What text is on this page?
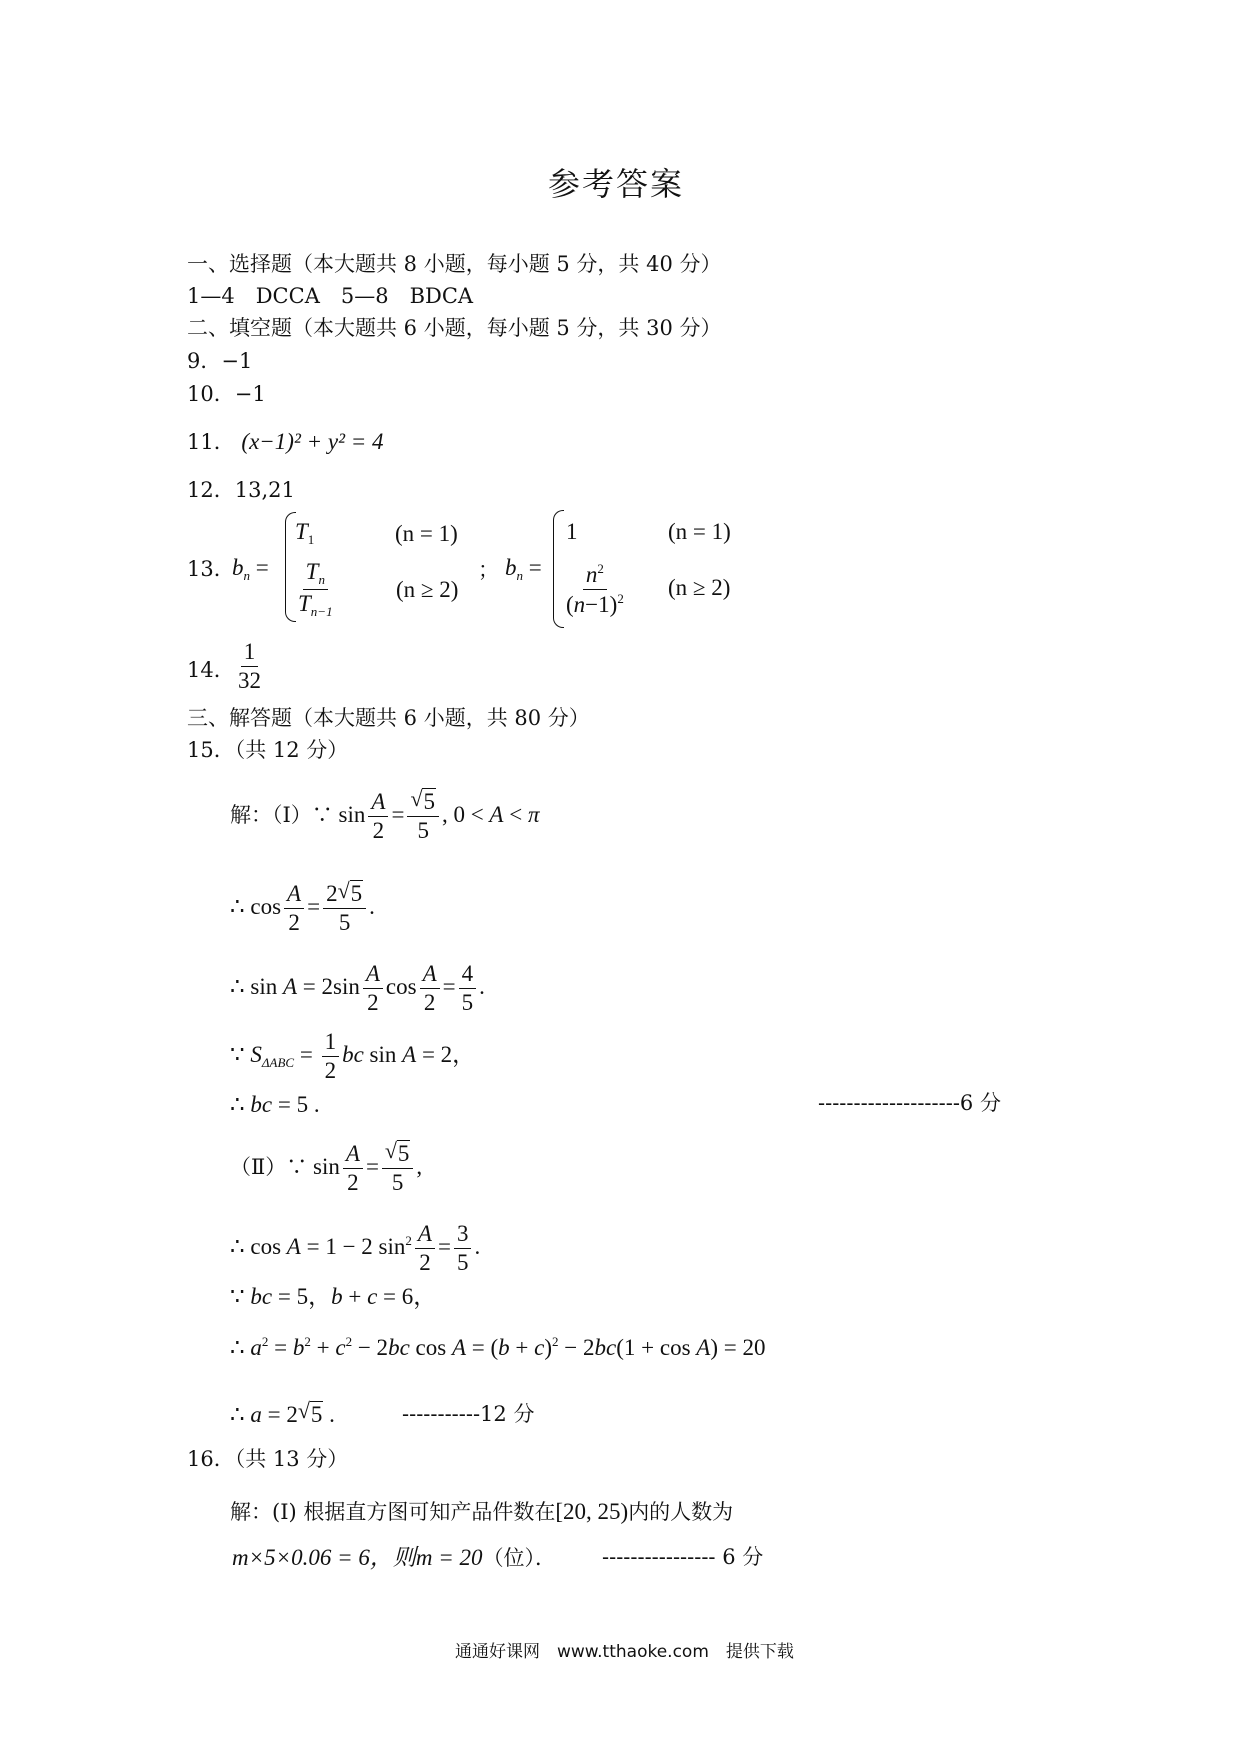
参考答案
一、选择题（本大题共 8 小题，每小题 5 分，共 40 分）
1—4　DCCA　5—8　BDCA
二、填空题（本大题共 6 小题，每小题 5 分，共 30 分）
9．−1
10．−1
11． (x−1)² + y² = 4
12．13,21
13．
$b_n$ =
$T_1$	(n = 1)
$\frac{T_n}{T_{n-1}}$	(n ≥ 2)
； $b_n$ =
1	(n = 1)
$\frac{n^2}{(n-1)^2} (n \ge 2)$
14． $\frac{1}{32}$
三、解答题（本大题共 6 小题，共 80 分）
15．（共 12 分）
解：（Ⅰ）∵ $\sin \frac{A}{2}$ = √ $\frac{5}{5}$ , 0 < A < π
∴ $\cos \frac{A}{2} = \frac{2 √ 5}{5}$ .
∴ $\sin A = 2\sin \frac{A}{2}$ $\cos \frac{A}{2} = \frac{4}{5}$ .
∵ $S_{\Delta ABC} = \frac{1}{2}$ bc sin A = 2，
∴ bc = 5 .	--------------------6 分
（Ⅱ）∵ $\sin \frac{A}{2}$ = √ $\frac{5}{5}$ ,
∴ cos A = 1 − 2 $\sin^2 \frac{A}{2} = \frac{3}{5}$ .
∵ bc = 5，b + c = 6，
∴ $a^2 = b^2 + c^2 - 2bc$ $\cos A = (b + c)^2 - 2bc(1 + \cos A) = 20$
∴ a = 2 √ 5 .	-----------12 分
16．（共 13 分）
解：(Ⅰ) 根据直方图可知产品件数在[20, 25)内的人数为
m×5×0.06 = 6，则m = 20（位）． ---------------- 6 分
通通好课网　www.tthaoke.com　提供下载
